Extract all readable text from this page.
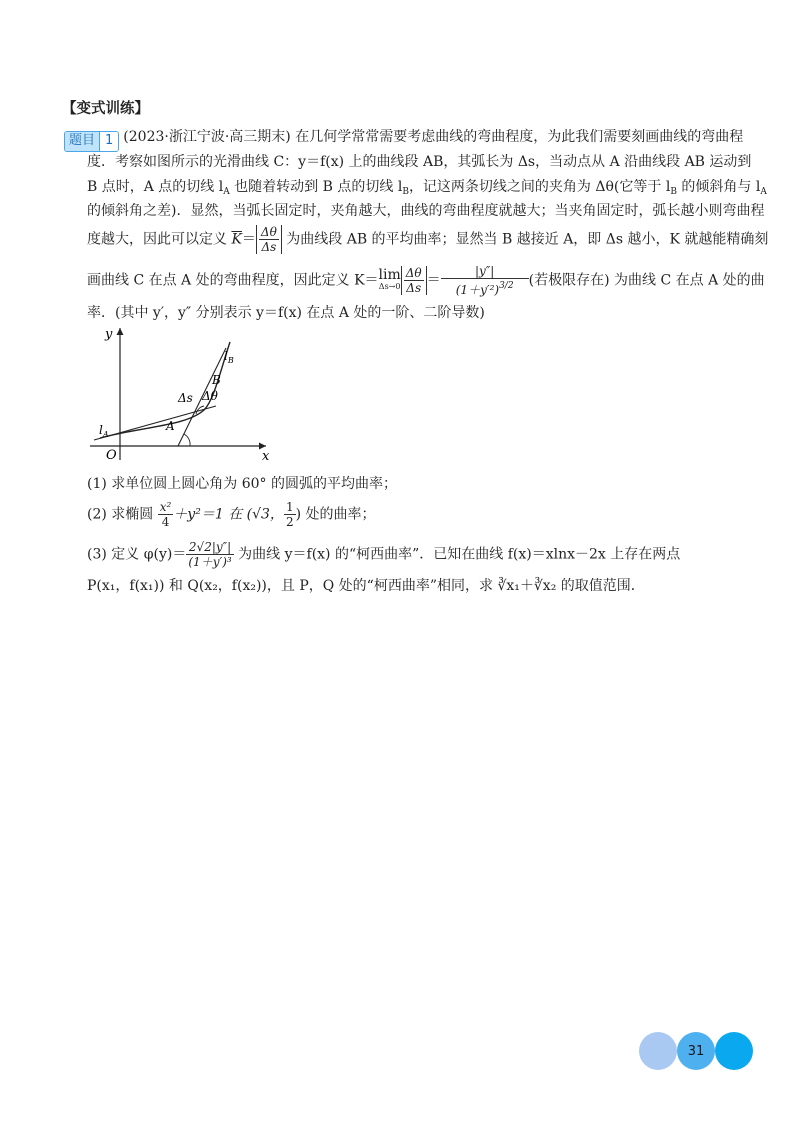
【变式训练】
题目 1 (2023·浙江宁波·高三期末) 在几何学常常需要考虑曲线的弯曲程度，为此我们需要刻画曲线的弯曲程
度．考察如图所示的光滑曲线 C：y＝f(x) 上的曲线段 AB，其弧长为 Δs，当动点从 A 沿曲线段 AB 运动到
B 点时，A 点的切线 $l_A$ 也随着转动到 B 点的切线 $l_B$，记这两条切线之间的夹角为 Δθ(它等于 $l_B$ 的倾斜角与 $l_A$
的倾斜角之差)．显然，当弧长固定时，夹角越大，曲线的弯曲程度就越大；当夹角固定时，弧长越小则弯曲程
度越大，因此可以定义 $\overline{K}= \frac{\Delta\theta}{\Delta s}$ 为曲线段 AB 的平均曲率；显然当 B 越接近 A，即 Δs 越小，K 就越能精确刻
画曲线 C 在点 A 处的弯曲程度，因此定义 K＝ lim
$\Delta s\to 0 \frac{\Delta\theta}{\Delta s} = \frac{|y''|}{(1+y'^2)^{3/2}}$ (若极限存在) 为曲线 C 在点 A 处的曲
率．(其中 y′，y″ 分别表示 y＝f(x) 在点 A 处的一阶、二阶导数)
y
x
O
$l_A$
$l_B$
B
A
Δs Δθ
(1) 求单位圆上圆心角为 60° 的圆弧的平均曲率；
(2) 求椭圆 $\frac{\text{x²}}{4} +y^2=1$ 在 (√3， $\frac{1}{2}$ ) 处的曲率；
(3) 定义 $\varphi(y)= \frac{2√2|y''|}{\text{(1＋y′)³}}$ 为曲线 y＝f(x) 的“柯西曲率”．已知在曲线 f(x)＝xlnx－2x 上存在两点
P(x₁，f(x₁)) 和 Q(x₂，f(x₂))，且 P，Q 处的“柯西曲率”相同，求 ∛x₁＋∛x₂ 的取值范围．
31
